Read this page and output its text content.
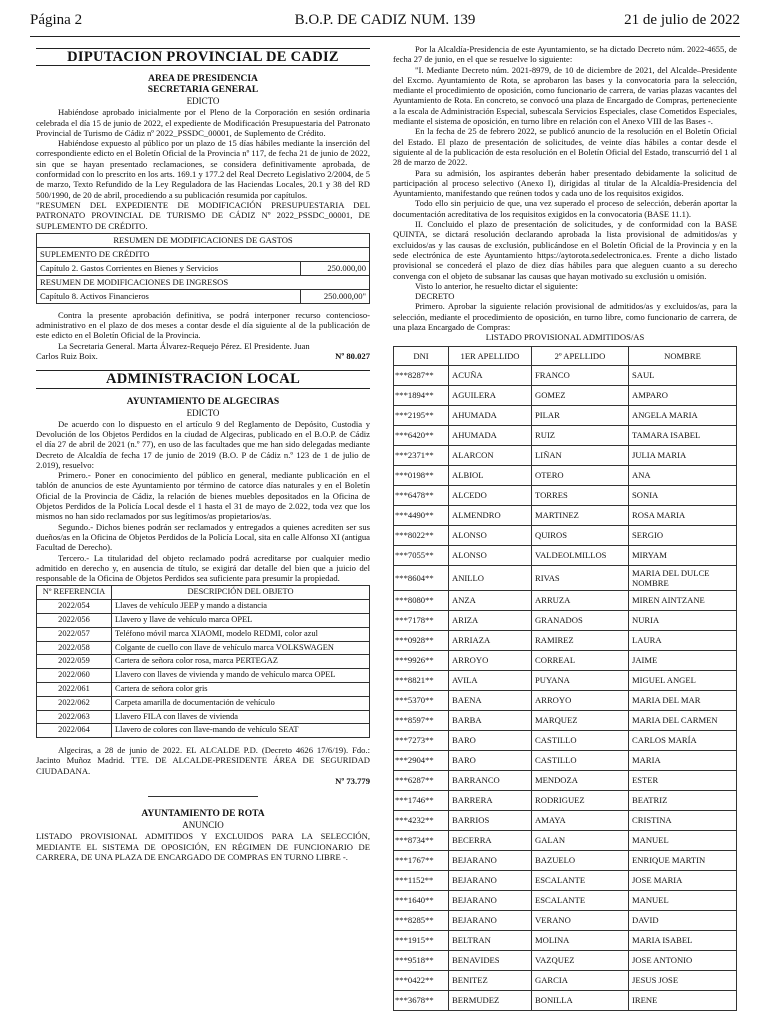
Página 2	B.O.P. DE CADIZ NUM. 139	21 de julio de 2022
DIPUTACION PROVINCIAL DE CADIZ
AREA DE PRESIDENCIA
SECRETARIA GENERAL
EDICTO

Habiéndose aprobado inicialmente por el Pleno de la Corporación en sesión ordinaria celebrada el día 15 de junio de 2022, el expediente de Modificación Presupuestaria del Patronato Provincial de Turismo de Cádiz nº 2022_PSSDC_00001, de Suplemento de Crédito.

Habiéndose expuesto al público por un plazo de 15 días hábiles mediante la inserción del correspondiente edicto en el Boletín Oficial de la Provincia nº 117, de fecha 21 de junio de 2022, sin que se hayan presentado reclamaciones, se considera definitivamente aprobada, de conformidad con lo prescrito en los arts. 169.1 y 177.2 del Real Decreto Legislativo 2/2004, de 5 de marzo, Texto Refundido de la Ley Reguladora de las Haciendas Locales, 20.1 y 38 del RD 500/1990, de 20 de abril, procediendo a su publicación resumida por capítulos.

"RESUMEN DEL EXPEDIENTE DE MODIFICACIÓN PRESUPUESTARIA DEL PATRONATO PROVINCIAL DE TURISMO DE CÁDIZ Nº 2022_PSSDC_00001, DE SUPLEMENTO DE CRÉDITO.

RESUMEN DE MODIFICACIONES DE GASTOS	
SUPLEMENTO DE CRÉDITO	
Capítulo 2. Gastos Corrientes en Bienes y Servicios	250.000,00
RESUMEN DE MODIFICACIONES DE INGRESOS	
Capítulo 8. Activos Financieros	250.000,00"

Contra la presente aprobación definitiva, se podrá interponer recurso contencioso-administrativo en el plazo de dos meses a contar desde el día siguiente al de la publicación de este edicto en el Boletín Oficial de la Provincia.

La Secretaria General. Marta Álvarez-Requejo Pérez. El Presidente. Juan

Carlos Ruiz Boix.	Nº 80.027
ADMINISTRACION LOCAL
AYUNTAMIENTO DE ALGECIRAS
EDICTO

De acuerdo con lo dispuesto en el artículo 9 del Reglamento de Depósito, Custodia y Devolución de los Objetos Perdidos en la ciudad de Algeciras, publicado en el B.O.P. de Cádiz el día 27 de abril de 2021 (n.º 77), en uso de las facultades que me han sido delegadas mediante Decreto de Alcaldía de fecha 17 de junio de 2019 (B.O. P de Cádiz n.º 123 de 1 de julio de 2.019), resuelvo:

Primero.- Poner en conocimiento del público en general, mediante publicación en el tablón de anuncios de este Ayuntamiento por término de catorce días naturales y en el Boletín Oficial de la Provincia de Cádiz, la relación de bienes muebles depositados en la Oficina de Objetos Perdidos de la Policía Local desde el 1 hasta el 31 de mayo de 2.022, toda vez que los mismos no han sido reclamados por sus legítimos/as propietarios/as.

Segundo.- Dichos bienes podrán ser reclamados y entregados a quienes acrediten ser sus dueños/as en la Oficina de Objetos Perdidos de la Policía Local, sita en calle Alfonso XI (antigua Facultad de Derecho).

Tercero.- La titularidad del objeto reclamado podrá acreditarse por cualquier medio admitido en derecho y, en ausencia de título, se exigirá dar detalle del bien que a juicio del responsable de la Oficina de Objetos Perdidos sea suficiente para presumir la propiedad.

Nº REFERENCIA	DESCRIPCIÓN DEL OBJETO
2022/054	Llaves de vehículo JEEP y mando a distancia
2022/056	Llavero y llave de vehículo marca OPEL
2022/057	Teléfono móvil marca XIAOMI, modelo REDMI, color azul
2022/058	Colgante de cuello con llave de vehículo marca VOLKSWAGEN
2022/059	Cartera de señora color rosa, marca PERTEGAZ
2022/060	Llavero con llaves de vivienda y mando de vehículo marca OPEL
2022/061	Cartera de señora color gris
2022/062	Carpeta amarilla de documentación de vehículo
2022/063	Llavero FILA con llaves de vivienda
2022/064	Llavero de colores con llave-mando de vehículo SEAT

Algeciras, a 28 de junio de 2022. EL ALCALDE P.D. (Decreto 4626 17/6/19). Fdo.: Jacinto Muñoz Madrid. TTE. DE ALCALDE-PRESIDENTE ÁREA DE SEGURIDAD CIUDADANA.

Nº 73.779
AYUNTAMIENTO DE ROTA
ANUNCIO

LISTADO PROVISIONAL ADMITIDOS Y EXCLUIDOS PARA LA SELECCIÓN, MEDIANTE EL SISTEMA DE OPOSICIÓN, EN RÉGIMEN DE FUNCIONARIO DE CARRERA, DE UNA PLAZA DE ENCARGADO DE COMPRAS EN TURNO LIBRE -.

Por la Alcaldía-Presidencia de este Ayuntamiento, se ha dictado Decreto núm. 2022-4655, de fecha 27 de junio, en el que se resuelve lo siguiente:

"I. Mediante Decreto núm. 2021-8979, de 10 de diciembre de 2021, del Alcalde–Presidente del Excmo. Ayuntamiento de Rota, se aprobaron las bases y la convocatoria para la selección, mediante el procedimiento de oposición, como funcionario de carrera, de varias plazas vacantes del Ayuntamiento de Rota. En concreto, se convocó una plaza de Encargado de Compras, perteneciente a la escala de Administración Especial, subescala Servicios Especiales, clase Cometidos Especiales, mediante el sistema de oposición, en turno libre en relación con el Anexo VIII de las Bases -.

En la fecha de 25 de febrero 2022, se publicó anuncio de la resolución en el Boletín Oficial del Estado. El plazo de presentación de solicitudes, de veinte días hábiles a contar desde el siguiente al de la publicación de esta resolución en el Boletín Oficial del Estado, transcurrió del 1 al 28 de marzo de 2022.

Para su admisión, los aspirantes deberán haber presentado debidamente la solicitud de participación al proceso selectivo (Anexo I), dirigidas al titular de la Alcaldía-Presidencia del Ayuntamiento, manifestando que reúnen todos y cada uno de los requisitos exigidos.

Todo ello sin perjuicio de que, una vez superado el proceso de selección, deberán aportar la documentación acreditativa de los requisitos exigidos en la convocatoria (BASE 11.1).

II. Concluido el plazo de presentación de solicitudes, y de conformidad con la BASE QUINTA, se dictará resolución declarando aprobada la lista provisional de admitidos/as y excluidos/as y las causas de exclusión, publicándose en el Boletín Oficial de la Provincia y en la sede electrónica de este Ayuntamiento https://aytorota.sedelectronica.es. Frente a dicho listado provisional se concederá el plazo de diez días hábiles para que aleguen cuanto a su derecho convenga con el objeto de subsanar las causas que hayan motivado su exclusión u omisión.

Visto lo anterior, he resuelto dictar el siguiente:

DECRETO

Primero. Aprobar la siguiente relación provisional de admitidos/as y excluidos/as, para la selección, mediante el procedimiento de oposición, en turno libre, como funcionario de carrera, de una plaza Encargado de Compras:

LISTADO PROVISIONAL ADMITIDOS/AS
DNI	1ER APELLIDO	2º APELLIDO	NOMBRE
***8287**	ACUÑA	FRANCO	SAUL
***1894**	AGUILERA	GOMEZ	AMPARO
***2195**	AHUMADA	PILAR	ANGELA MARIA
***6420**	AHUMADA	RUIZ	TAMARA ISABEL
***2371**	ALARCON	LIÑAN	JULIA MARIA
***0198**	ALBIOL	OTERO	ANA
***6478**	ALCEDO	TORRES	SONIA
***4490**	ALMENDRO	MARTINEZ	ROSA MARIA
***8022**	ALONSO	QUIROS	SERGIO
***7055**	ALONSO	VALDEOLMILLOS	MIRYAM
***8604**	ANILLO	RIVAS	MARIA DEL DULCE NOMBRE
***8080**	ANZA	ARRUZA	MIREN AINTZANE
***7178**	ARIZA	GRANADOS	NURIA
***0928**	ARRIAZA	RAMIREZ	LAURA
***9926**	ARROYO	CORREAL	JAIME
***8821**	AVILA	PUYANA	MIGUEL ANGEL
***5370**	BAENA	ARROYO	MARIA DEL MAR
***8597**	BARBA	MARQUEZ	MARIA DEL CARMEN
***7273**	BARO	CASTILLO	CARLOS MARÍA
***2904**	BARO	CASTILLO	MARIA
***6287**	BARRANCO	MENDOZA	ESTER
***1746**	BARRERA	RODRIGUEZ	BEATRIZ
***4232**	BARRIOS	AMAYA	CRISTINA
***8734**	BECERRA	GALAN	MANUEL
***1767**	BEJARANO	BAZUELO	ENRIQUE MARTIN
***1152**	BEJARANO	ESCALANTE	JOSE MARIA
***1640**	BEJARANO	ESCALANTE	MANUEL
***8285**	BEJARANO	VERANO	DAVID
***1915**	BELTRAN	MOLINA	MARIA ISABEL
***9518**	BENAVIDES	VAZQUEZ	JOSE ANTONIO
***0422**	BENITEZ	GARCIA	JESUS JOSE
***3678**	BERMUDEZ	BONILLA	IRENE
